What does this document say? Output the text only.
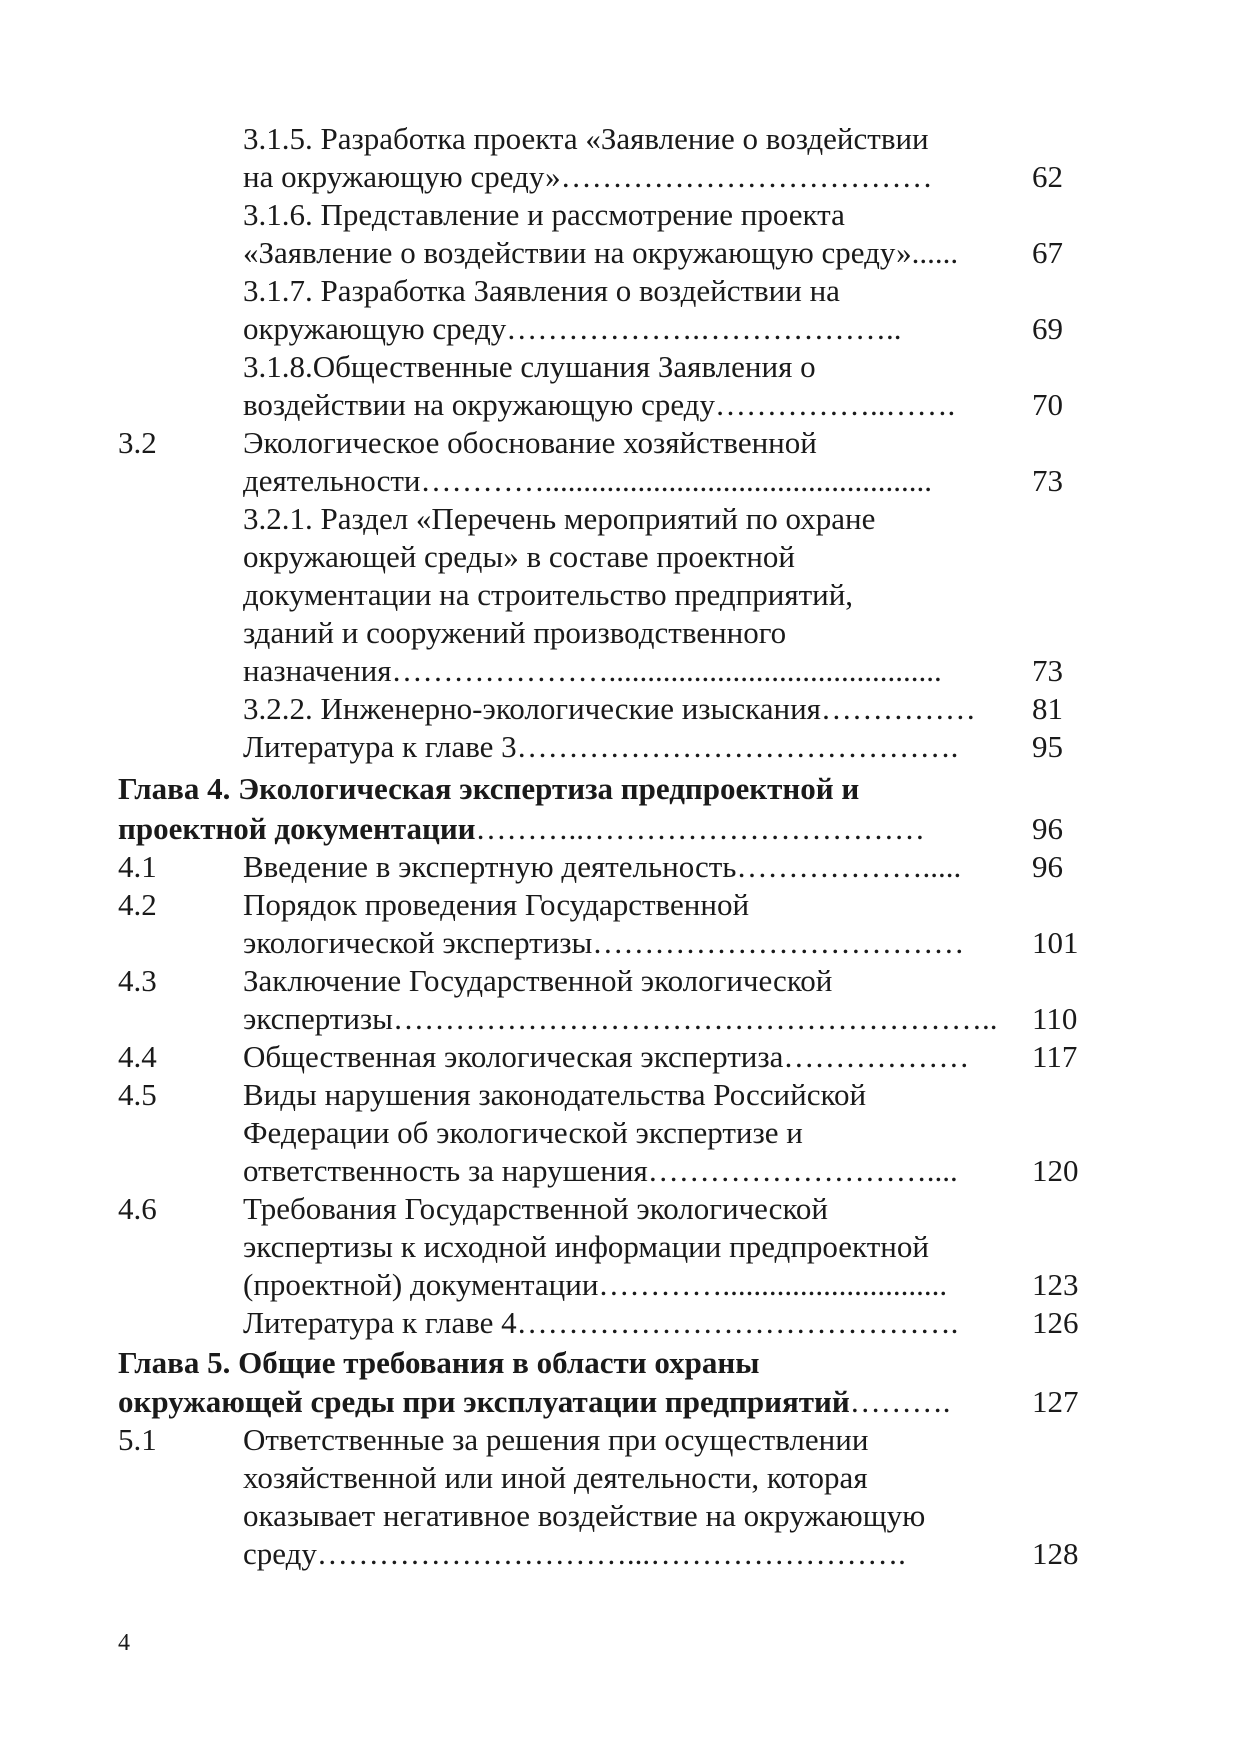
3.1.5. Разработка проекта «Заявление о воздействии
на окружающую среду»………………………………	62
3.1.6. Представление и рассмотрение проекта
«Заявление о воздействии на окружающую среду»...... 67
3.1.7. Разработка Заявления о воздействии на
окружающую среду……………….………………..	69
3.1.8.Общественные слушания Заявления о
воздействии на окружающую среду……………..……. 70
3.2	Экологическое обоснование хозяйственной
деятельности…………..................................................	73
3.2.1. Раздел «Перечень мероприятий по охране
окружающей среды» в составе проектной
документации на строительство предприятий,
зданий и сооружений производственного
назначения…………………...........................................	73
3.2.2. Инженерно-экологические изыскания…………… 81
Литература к главе 3……………………………………. 95
Глава 4. Экологическая экспертиза предпроектной и
проектной документации………..……………………………	96
4.1	Введение в экспертную деятельность………………..... 96
4.2	Порядок проведения Государственной
экологической экспертизы……………………………… 101
4.3	Заключение Государственной экологической
экспертизы………………………………………………….. 110
4.4	Общественная экологическая экспертиза……………… 117
4.5	Виды нарушения законодательства Российской
Федерации об экологической экспертизе и
ответственность за нарушения……………………….... 120
4.6	Требования Государственной экологической
экспертизы к исходной информации предпроектной
(проектной) документации………….............................	123
Литература к главе 4……………………………………. 126
Глава 5. Общие требования в области охраны
окружающей среды при эксплуатации предприятий……….	127
5.1	Ответственные за решения при осуществлении
хозяйственной или иной деятельности, которая
оказывает негативное воздействие на окружающую
среду…………………………...…………………….	128
4
